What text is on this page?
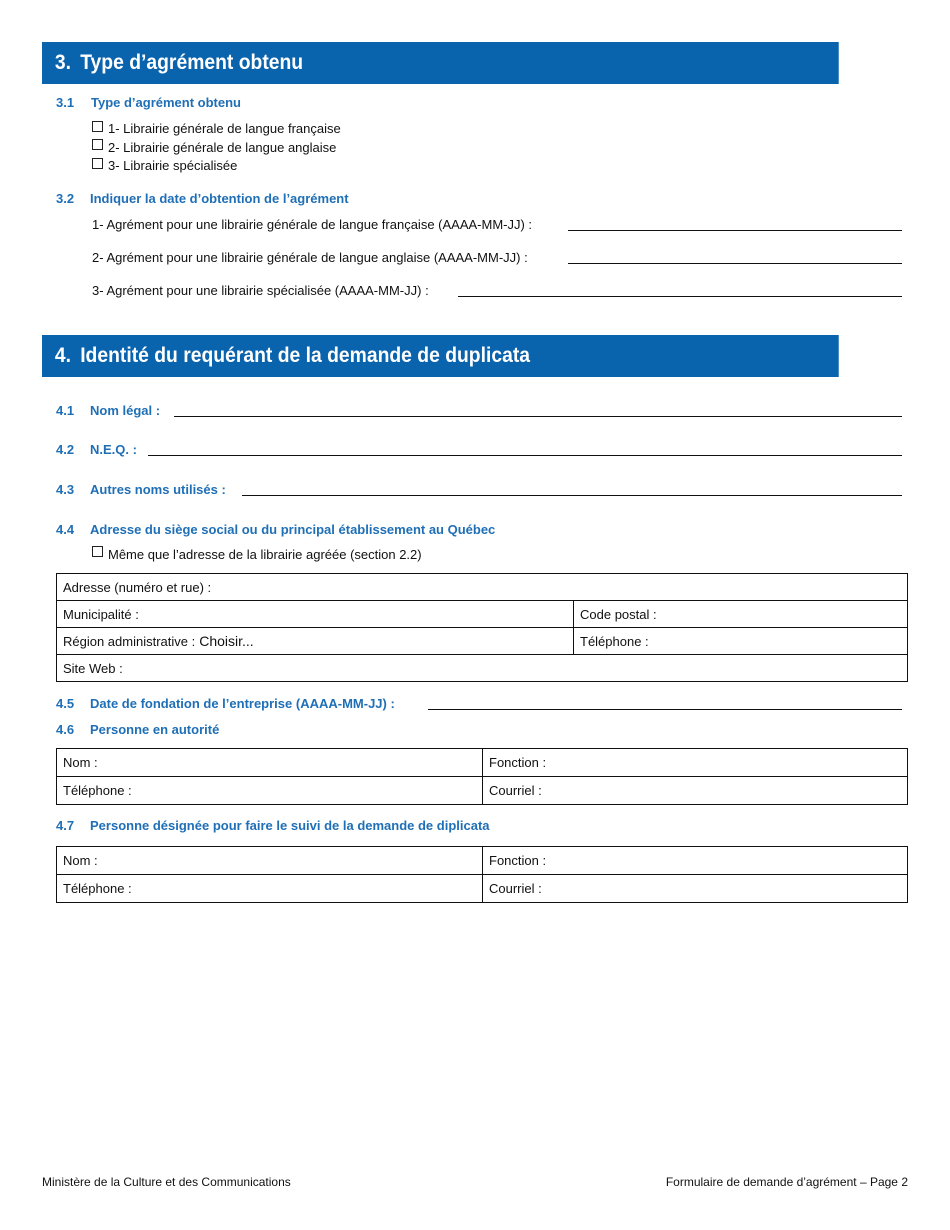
3. Type d’agrément obtenu
3.1 Type d’agrément obtenu
1- Librairie générale de langue française
2- Librairie générale de langue anglaise
3- Librairie spécialisée
3.2 Indiquer la date d’obtention de l’agrément
1- Agrément pour une librairie générale de langue française (AAAA-MM-JJ) :
2- Agrément pour une librairie générale de langue anglaise (AAAA-MM-JJ) :
3- Agrément pour une librairie spécialisée (AAAA-MM-JJ) :
4. Identité du requérant de la demande de duplicata
4.1 Nom légal :
4.2 N.E.Q. :
4.3 Autres noms utilisés :
4.4 Adresse du siège social ou du principal établissement au Québec
Même que l’adresse de la librairie agréée (section 2.2)
Adresse (numéro et rue) :	
Municipalité :	Code postal :
Région administrative : Choisir...	Téléphone :
Site Web :	
4.5 Date de fondation de l’entreprise (AAAA-MM-JJ) :
4.6 Personne en autorité
Nom :	Fonction :
Téléphone :	Courriel :
4.7 Personne désignée pour faire le suivi de la demande de diplicata
Nom :	Fonction :
Téléphone :	Courriel :
Ministère de la Culture et des Communications	Formulaire de demande d’agrément – Page 2
